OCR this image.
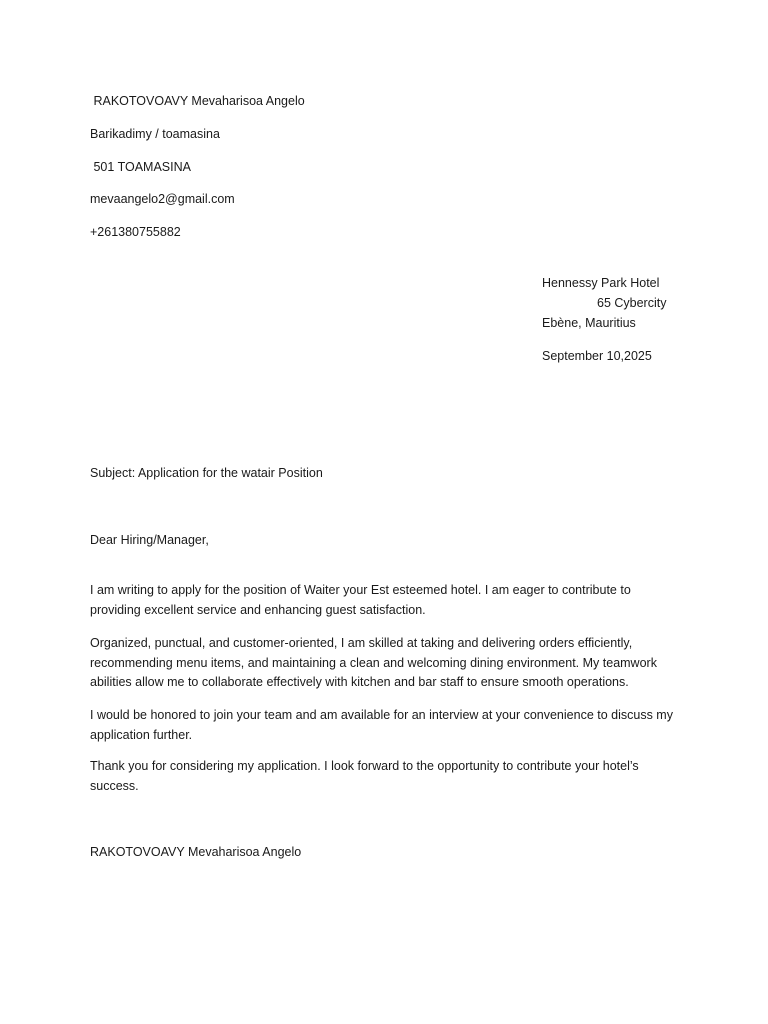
RAKOTOVOAVY Mevaharisoa Angelo
Barikadimy / toamasina
501 TOAMASINA
mevaangelo2@gmail.com
+261380755882
Hennessy Park Hotel
65 Cybercity
Ebène, Mauritius
September 10,2025
Subject: Application for the watair Position
Dear Hiring/Manager,
I am writing to apply for the position of Waiter your Est esteemed hotel. I am eager to contribute to providing excellent service and enhancing guest satisfaction.
Organized, punctual, and customer-oriented, I am skilled at taking and delivering orders efficiently, recommending menu items, and maintaining a clean and welcoming dining environment. My teamwork abilities allow me to collaborate effectively with kitchen and bar staff to ensure smooth operations.
I would be honored to join your team and am available for an interview at your convenience to discuss my application further.
Thank you for considering my application. I look forward to the opportunity to contribute your hotel’s success.
RAKOTOVOAVY Mevaharisoa Angelo
